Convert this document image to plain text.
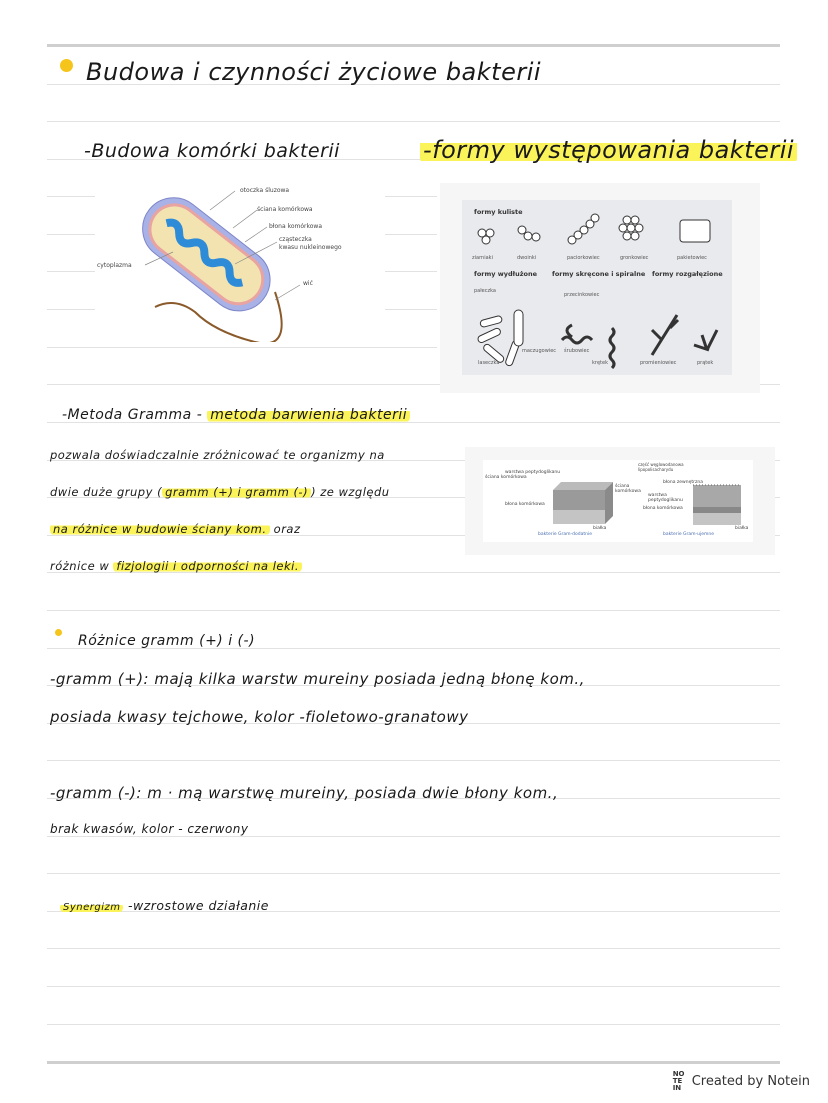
Budowa i czynności życiowe bakterii
-Budowa komórki bakterii	-formy występowania bakterii
otoczka śluzowa
ściana komórkowa
błona komórkowa
cząsteczka
kwasu nukleinowego
cytoplazma
wić
formy kuliste
ziarniaki	dwoinki	paciorkowiec	gronkowiec	pakietowiec
formy wydłużone formy skręcone i spiralne formy rozgałęzione
pałeczka
laseczka
maczugowiec
przecinkowiec
śrubowiec
krętek	promieniowiec	prątek
-Metoda Gramma - metoda barwienia bakterii
pozwala doświadczalnie zróżnicować te organizmy na
dwie duże grupy ( gramm (+) i gramm (-) ) ze względu
na różnice w budowie ściany kom. oraz
różnice w fizjologii i odporności na leki.
ściana komórkowa
warstwa peptydoglikanu
błona komórkowa
białka
bakterie Gram-dodatnie
część węglowodanowa lipopolisacharydu
błona zewnętrzna
ściana komórkowa
warstwa peptydoglikanu
błona komórkowa
białka
bakterie Gram-ujemne
Różnice gramm (+) i (-)
-gramm (+): mają kilka warstw mureiny posiada jedną błonę kom.,
posiada kwasy tejchowe, kolor -fioletowo-granatowy
-gramm (-): m · mą warstwę mureiny, posiada dwie błony kom.,
brak kwasów, kolor - czerwony
Synergizm -wzrostowe działanie
NOTE IN Created by Notein
